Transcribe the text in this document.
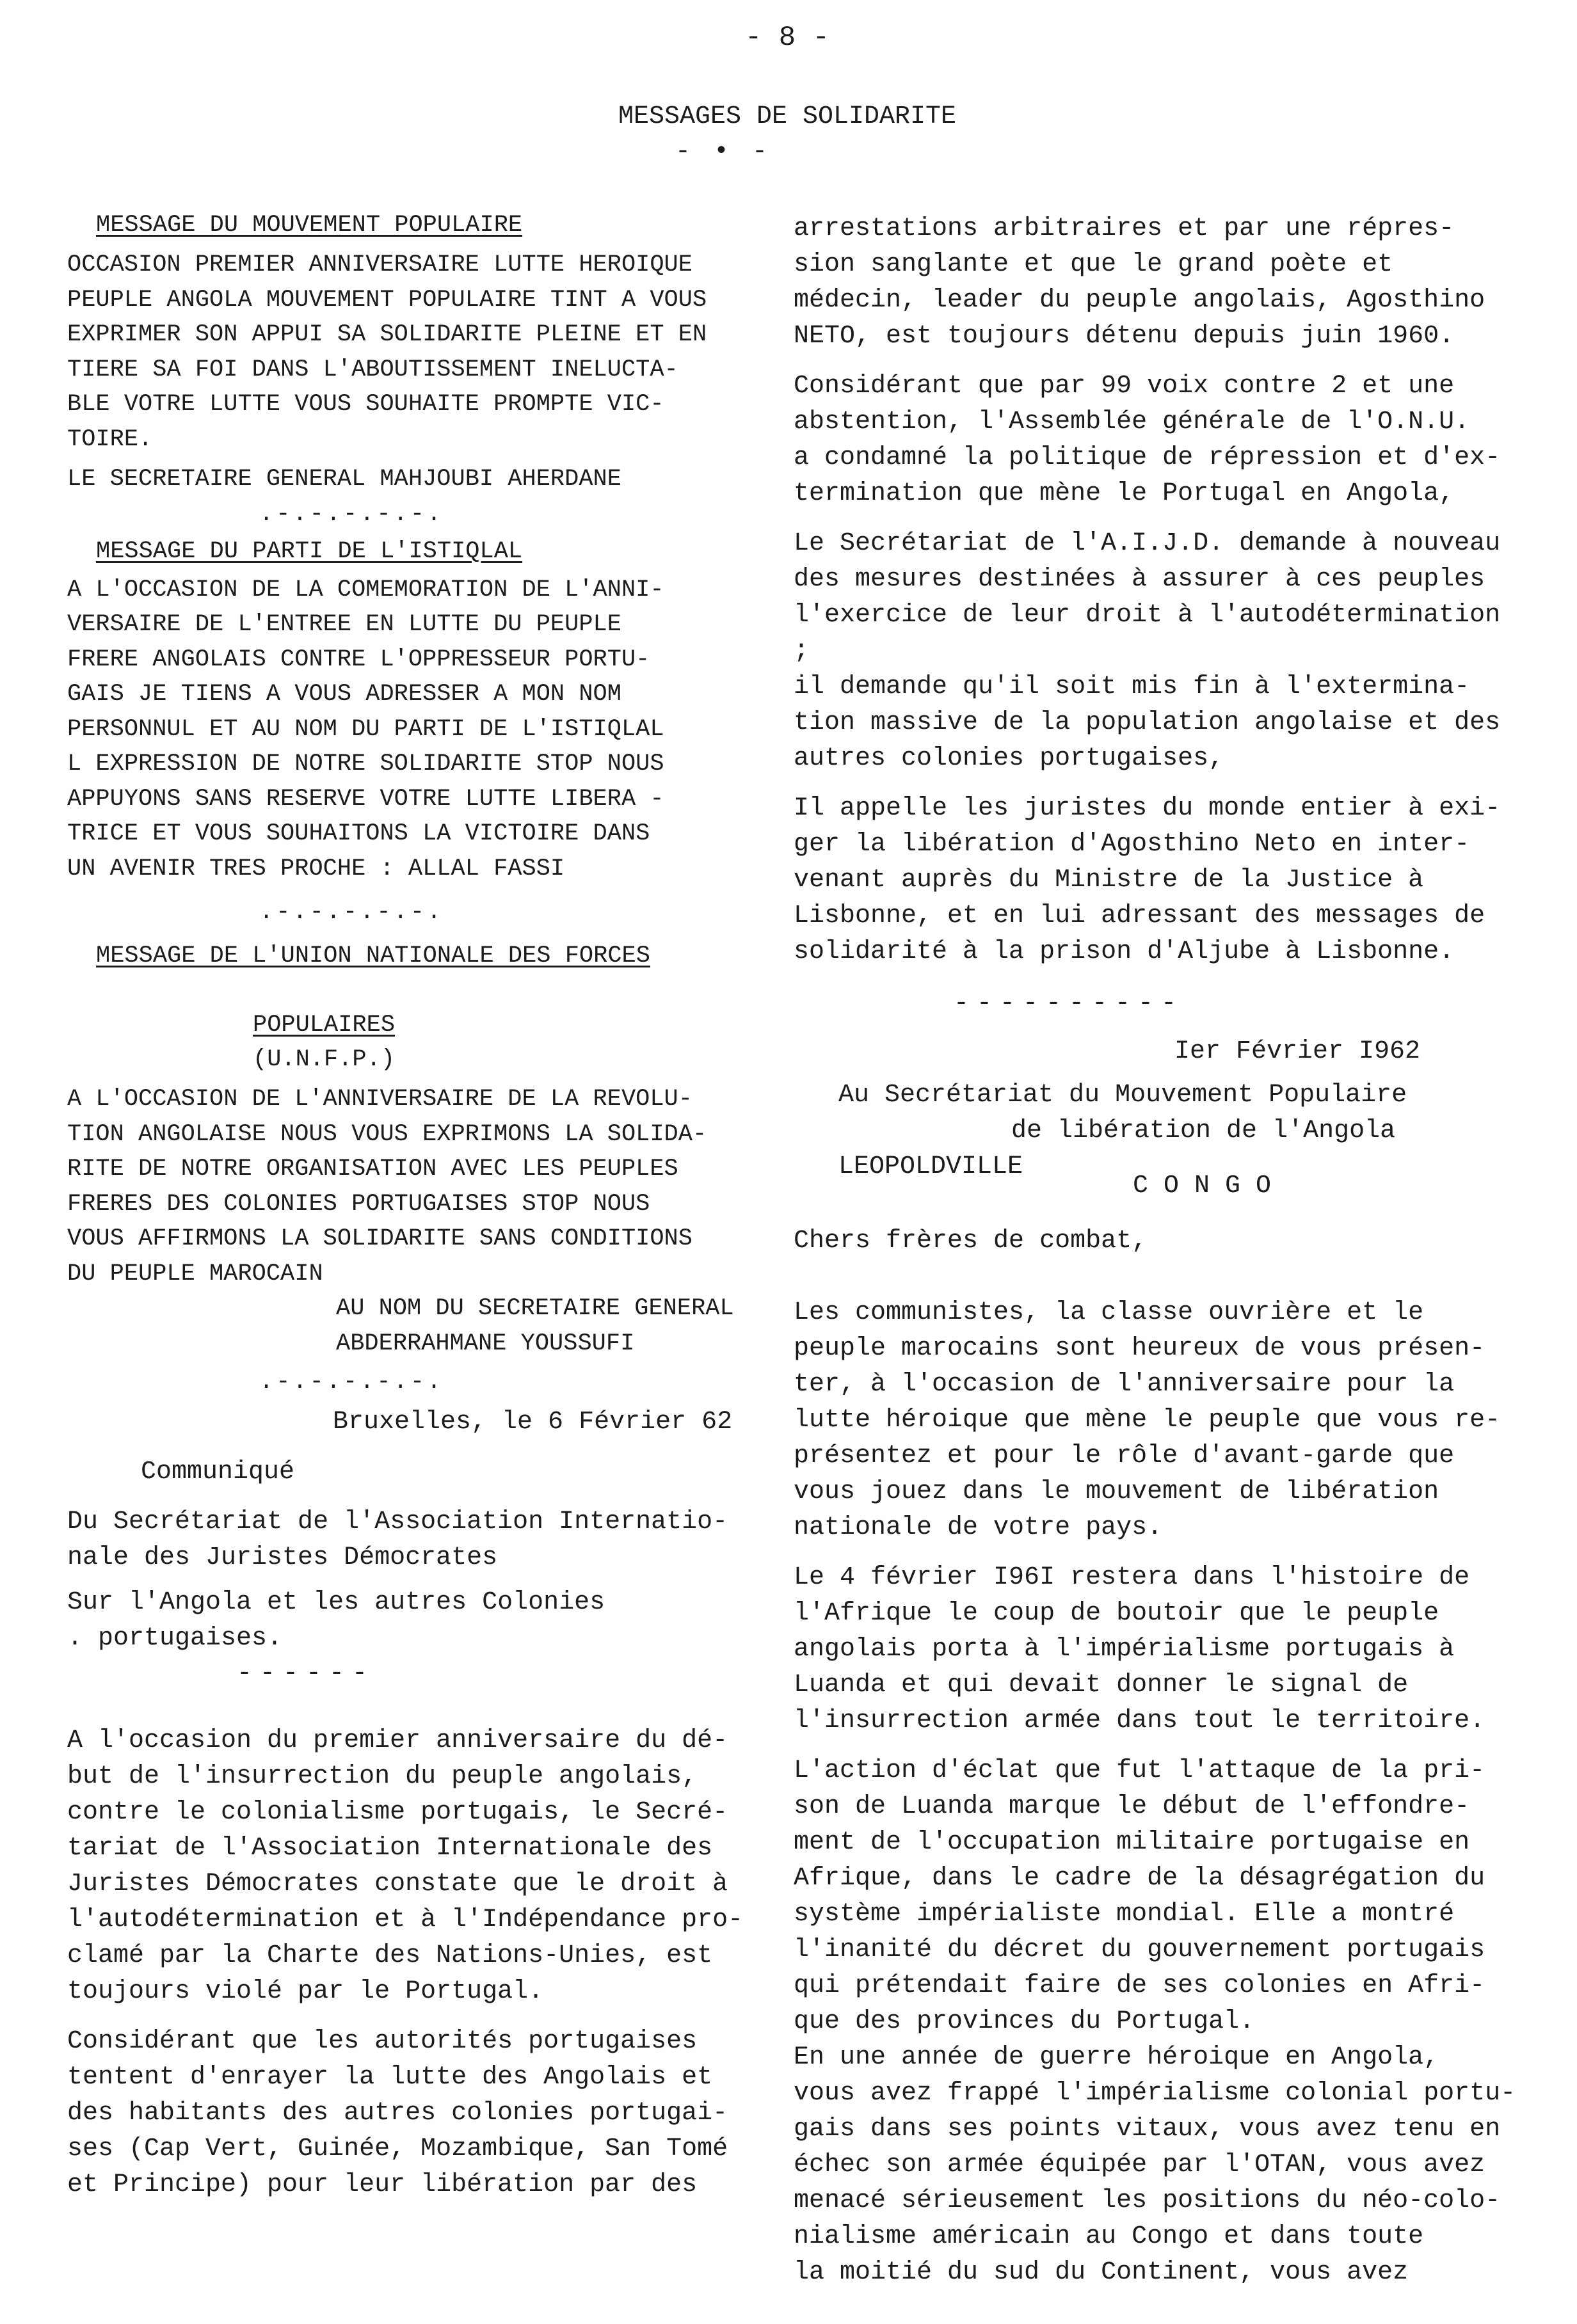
- 8 -
MESSAGES DE SOLIDARITE
- • -

MESSAGE DU MOUVEMENT POPULAIRE

OCCASION PREMIER ANNIVERSAIRE LUTTE HEROIQUE
PEUPLE ANGOLA MOUVEMENT POPULAIRE TINT A VOUS
EXPRIMER SON APPUI SA SOLIDARITE PLEINE ET EN
TIERE SA FOI DANS L'ABOUTISSEMENT INELUCTA-
BLE VOTRE LUTTE VOUS SOUHAITE PROMPTE VIC-
TOIRE.

LE SECRETAIRE GENERAL MAHJOUBI AHERDANE

.-.-.-.-.-.

MESSAGE DU PARTI DE L'ISTIQLAL

A L'OCCASION DE LA COMEMORATION DE L'ANNI-
VERSAIRE DE L'ENTREE EN LUTTE DU PEUPLE
FRERE ANGOLAIS CONTRE L'OPPRESSEUR PORTU-
GAIS JE TIENS A VOUS ADRESSER A MON NOM
PERSONNUL ET AU NOM DU PARTI DE L'ISTIQLAL
L EXPRESSION DE NOTRE SOLIDARITE STOP NOUS
APPUYONS SANS RESERVE VOTRE LUTTE LIBERA -
TRICE ET VOUS SOUHAITONS LA VICTOIRE DANS
UN AVENIR TRES PROCHE : ALLAL FASSI

.-.-.-.-.-.

MESSAGE DE L'UNION NATIONALE DES FORCES

POPULAIRES
(U.N.F.P.)

A L'OCCASION DE L'ANNIVERSAIRE DE LA REVOLU-
TION ANGOLAISE NOUS VOUS EXPRIMONS LA SOLIDA-
RITE DE NOTRE ORGANISATION AVEC LES PEUPLES
FRERES DES COLONIES PORTUGAISES STOP NOUS
VOUS AFFIRMONS LA SOLIDARITE SANS CONDITIONS
DU PEUPLE MAROCAIN

AU NOM DU SECRETAIRE GENERAL
ABDERRAHMANE YOUSSUFI

.-.-.-.-.-.

Bruxelles, le 6 Février 62

Communiqué

Du Secrétariat de l'Association Internatio-
nale des Juristes Démocrates

Sur l'Angola et les autres Colonies
. portugaises.

------

A l'occasion du premier anniversaire du dé-
but de l'insurrection du peuple angolais,
contre le colonialisme portugais, le Secré-
tariat de l'Association Internationale des
Juristes Démocrates constate que le droit à
l'autodétermination et à l'Indépendance pro-
clamé par la Charte des Nations-Unies, est
toujours violé par le Portugal.

Considérant que les autorités portugaises
tentent d'enrayer la lutte des Angolais et
des habitants des autres colonies portugai-
ses (Cap Vert, Guinée, Mozambique, San Tomé
et Principe) pour leur libération par des

arrestations arbitraires et par une répres-
sion sanglante et que le grand poète et
médecin, leader du peuple angolais, Agosthino
NETO, est toujours détenu depuis juin 1960.

Considérant que par 99 voix contre 2 et une
abstention, l'Assemblée générale de l'O.N.U.
a condamné la politique de répression et d'ex-
termination que mène le Portugal en Angola,

Le Secrétariat de l'A.I.J.D. demande à nouveau
des mesures destinées à assurer à ces peuples
l'exercice de leur droit à l'autodétermination ;
il demande qu'il soit mis fin à l'extermina-
tion massive de la population angolaise et des
autres colonies portugaises,

Il appelle les juristes du monde entier à exi-
ger la libération d'Agosthino Neto en inter-
venant auprès du Ministre de la Justice à
Lisbonne, et en lui adressant des messages de
solidarité à la prison d'Aljube à Lisbonne.

----------

Ier Février I962

Au Secrétariat du Mouvement Populaire

de libération de l'Angola

LEOPOLDVILLE

C O N G O

Chers frères de combat,

Les communistes, la classe ouvrière et le
peuple marocains sont heureux de vous présen-
ter, à l'occasion de l'anniversaire pour la
lutte héroique que mène le peuple que vous re-
présentez et pour le rôle d'avant-garde que
vous jouez dans le mouvement de libération
nationale de votre pays.

Le 4 février I96I restera dans l'histoire de
l'Afrique le coup de boutoir que le peuple
angolais porta à l'impérialisme portugais à
Luanda et qui devait donner le signal de
l'insurrection armée dans tout le territoire.

L'action d'éclat que fut l'attaque de la pri-
son de Luanda marque le début de l'effondre-
ment de l'occupation militaire portugaise en
Afrique, dans le cadre de la désagrégation du
système impérialiste mondial. Elle a montré
l'inanité du décret du gouvernement portugais
qui prétendait faire de ses colonies en Afri-
que des provinces du Portugal.
En une année de guerre héroique en Angola,
vous avez frappé l'impérialisme colonial portu-
gais dans ses points vitaux, vous avez tenu en
échec son armée équipée par l'OTAN, vous avez
menacé sérieusement les positions du néo-colo-
nialisme américain au Congo et dans toute
la moitié du sud du Continent, vous avez
